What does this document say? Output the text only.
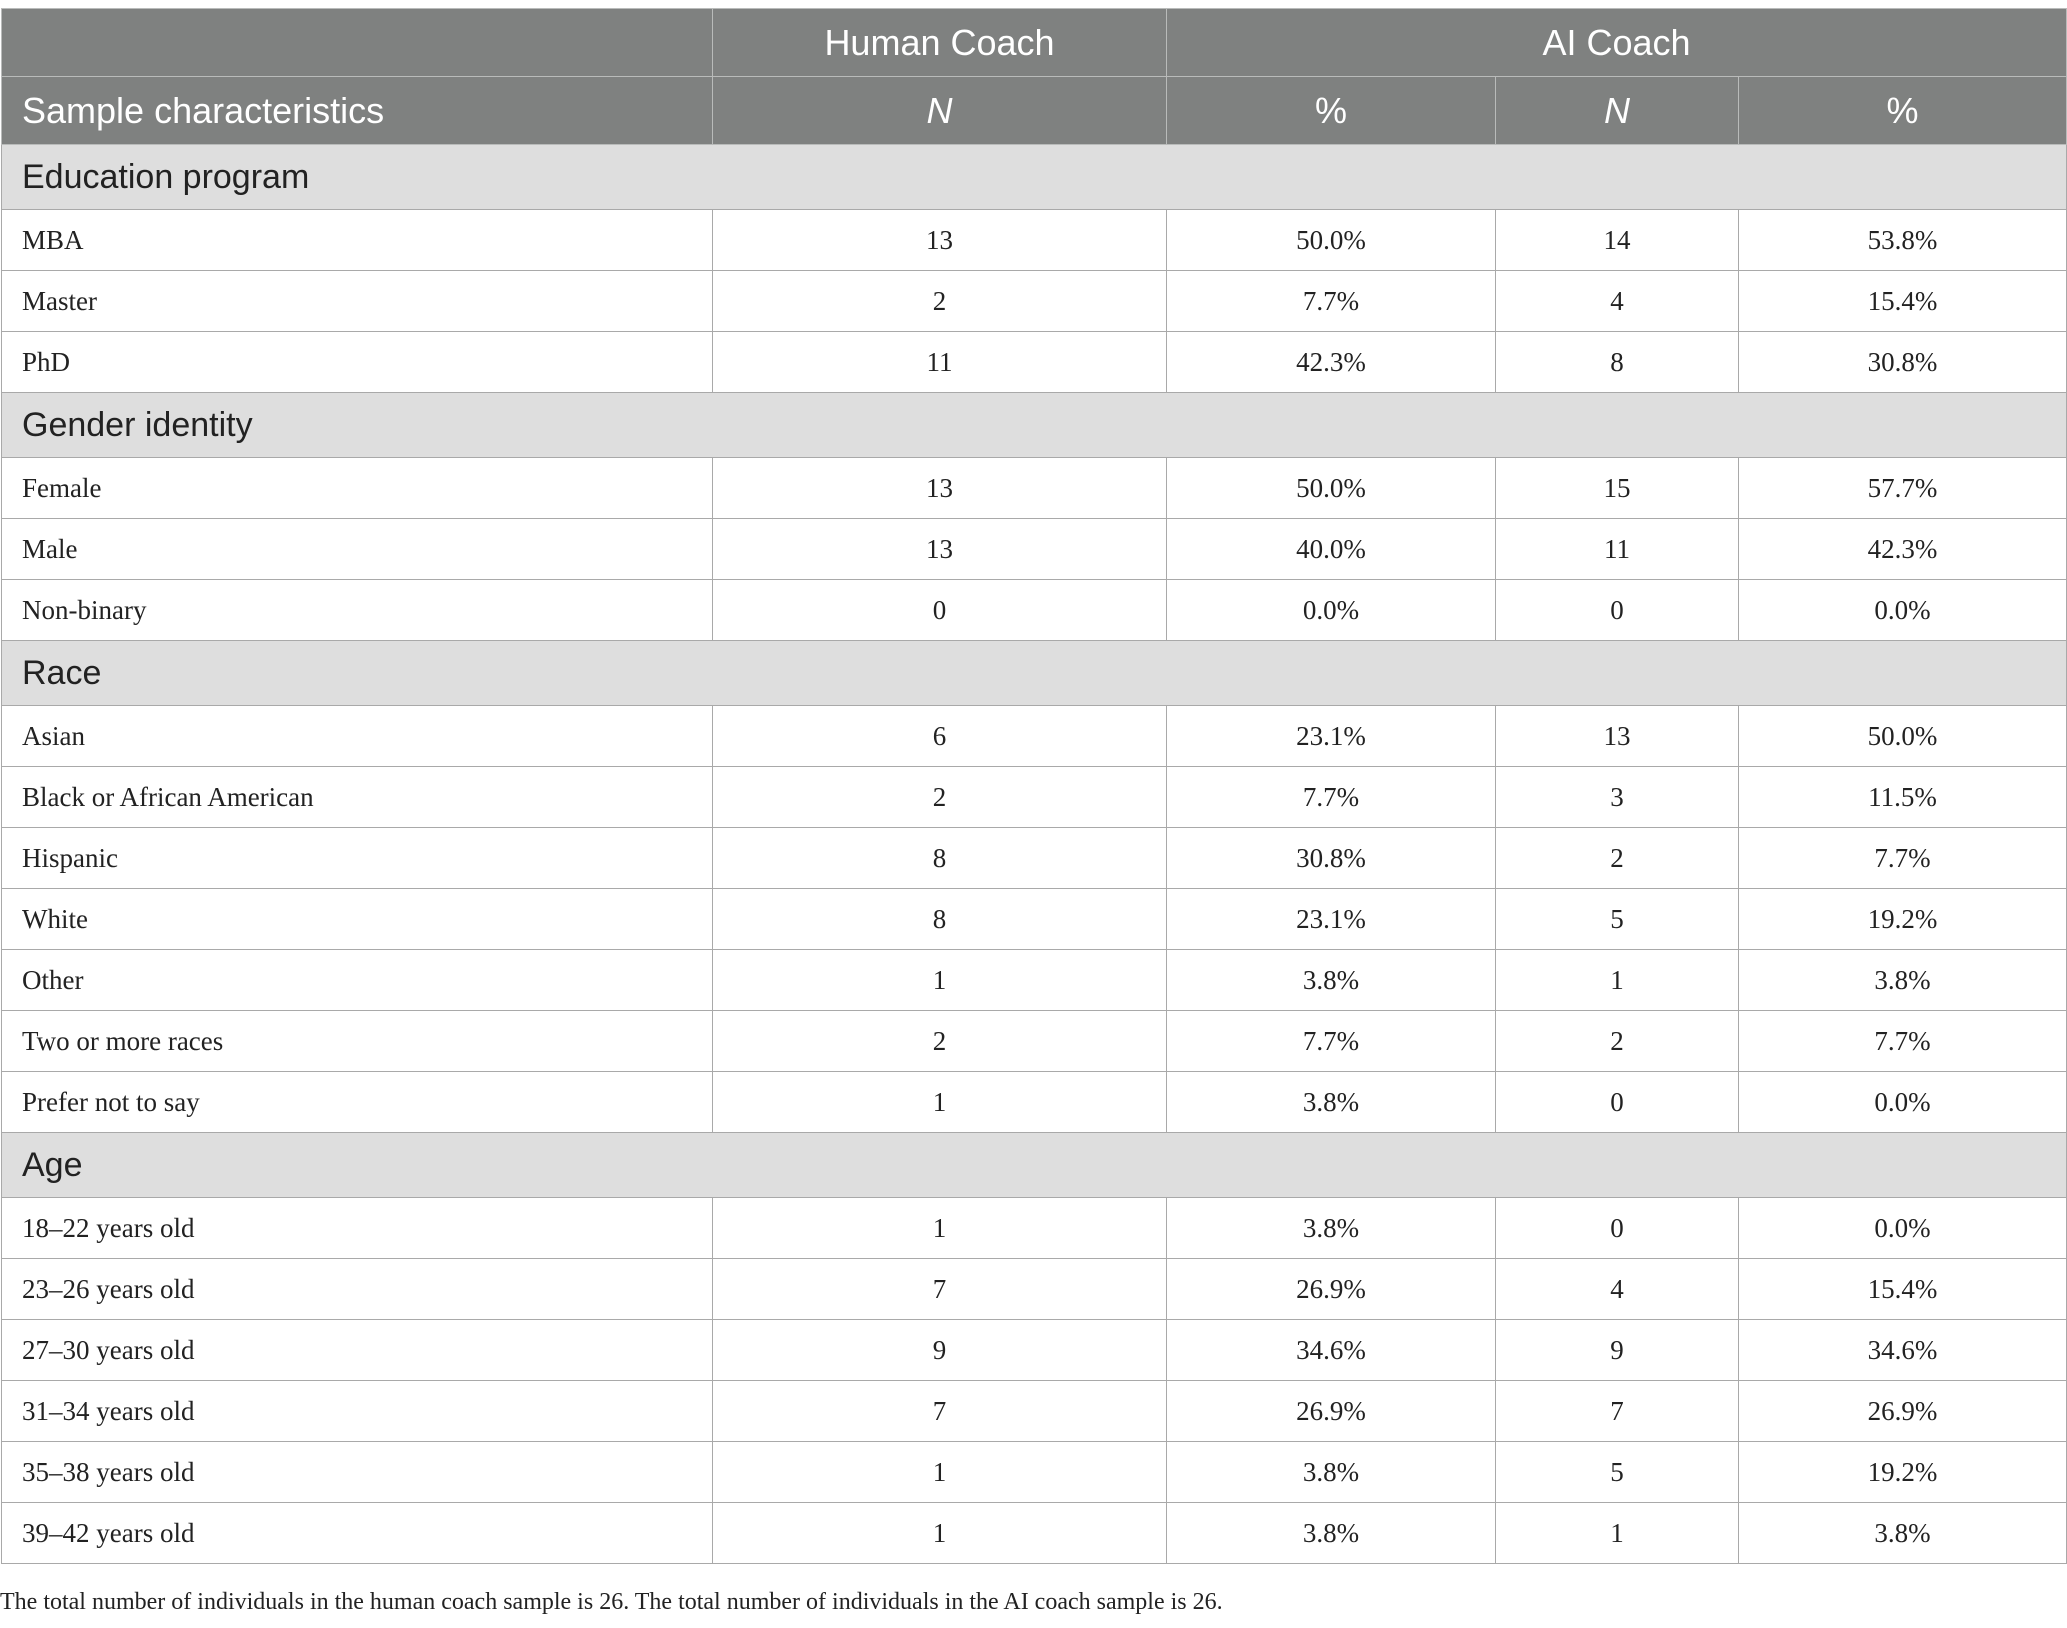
	Human Coach	AI Coach		
Sample characteristics	N	%	N	%
Education program				
MBA	13	50.0%	14	53.8%
Master	2	7.7%	4	15.4%
PhD	11	42.3%	8	30.8%
Gender identity				
Female	13	50.0%	15	57.7%
Male	13	40.0%	11	42.3%
Non-binary	0	0.0%	0	0.0%
Race				
Asian	6	23.1%	13	50.0%
Black or African American	2	7.7%	3	11.5%
Hispanic	8	30.8%	2	7.7%
White	8	23.1%	5	19.2%
Other	1	3.8%	1	3.8%
Two or more races	2	7.7%	2	7.7%
Prefer not to say	1	3.8%	0	0.0%
Age				
18–22 years old	1	3.8%	0	0.0%
23–26 years old	7	26.9%	4	15.4%
27–30 years old	9	34.6%	9	34.6%
31–34 years old	7	26.9%	7	26.9%
35–38 years old	1	3.8%	5	19.2%
39–42 years old	1	3.8%	1	3.8%
The total number of individuals in the human coach sample is 26. The total number of individuals in the AI coach sample is 26.
